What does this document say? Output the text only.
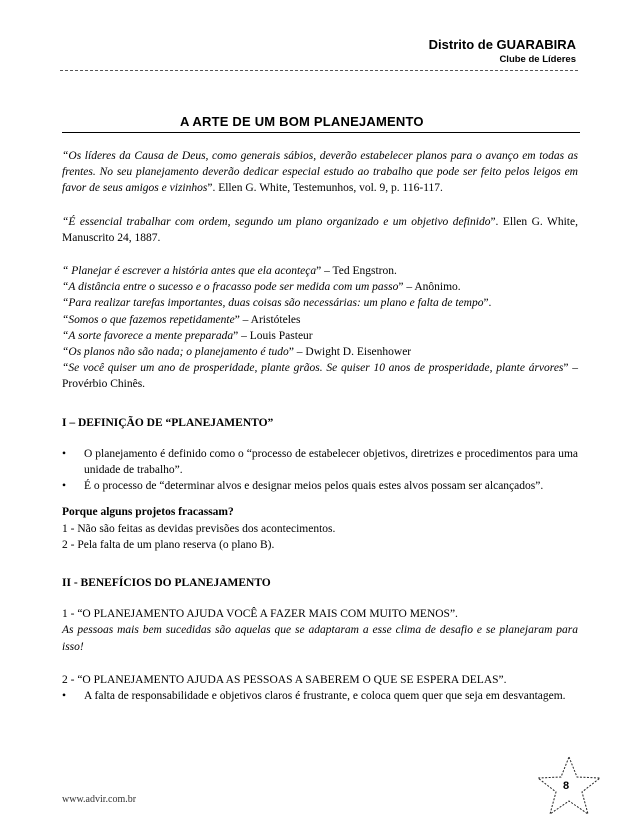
Distrito de GUARABIRA
Clube de Líderes
A ARTE DE UM BOM PLANEJAMENTO

“Os líderes da Causa de Deus, como generais sábios, deverão estabelecer planos para o avanço em todas as frentes. No seu planejamento deverão dedicar especial estudo ao trabalho que pode ser feito pelos leigos em favor de seus amigos e vizinhos”. Ellen G. White, Testemunhos, vol. 9, p. 116-117.

“É essencial trabalhar com ordem, segundo um plano organizado e um objetivo definido”. Ellen G. White, Manuscrito 24, 1887.

“ Planejar é escrever a história antes que ela aconteça” – Ted Engstron.

“A distância entre o sucesso e o fracasso pode ser medida com um passo” – Anônimo.

“Para realizar tarefas importantes, duas coisas são necessárias: um plano e falta de tempo”.

“Somos o que fazemos repetidamente” – Aristóteles

“A sorte favorece a mente preparada” – Louis Pasteur

“Os planos não são nada; o planejamento é tudo” – Dwight D. Eisenhower

“Se você quiser um ano de prosperidade, plante grãos. Se quiser 10 anos de prosperidade, plante árvores” – Provérbio Chinês.

I – DEFINIÇÃO DE “PLANEJAMENTO”

•	O planejamento é definido como o “processo de estabelecer objetivos, diretrizes e procedimentos para uma unidade de trabalho”.
•	É o processo de “determinar alvos e designar meios pelos quais estes alvos possam ser alcançados”.

Porque alguns projetos fracassam?

1 - Não são feitas as devidas previsões dos acontecimentos.

2 - Pela falta de um plano reserva (o plano B).

II - BENEFÍCIOS DO PLANEJAMENTO

1 - “O PLANEJAMENTO AJUDA VOCÊ A FAZER MAIS COM MUITO MENOS”.

As pessoas mais bem sucedidas são aquelas que se adaptaram a esse clima de desafio e se planejaram para isso!

2 - “O PLANEJAMENTO AJUDA AS PESSOAS A SABEREM O QUE SE ESPERA DELAS”.

•	A falta de responsabilidade e objetivos claros é frustrante, e coloca quem quer que seja em desvantagem.
www.advir.com.br
8
